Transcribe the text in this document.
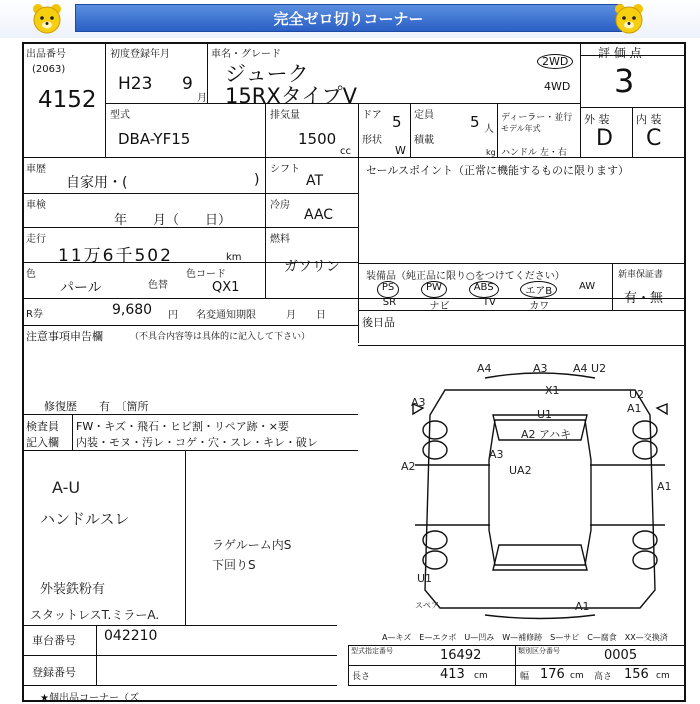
完全ゼロ切りコーナー
出品番号
(2063)
4152
初度登録年月
H23 9
月
車名・グレード
ジューク
15RXタイプV
2WD
4WD
評 価 点
3
型式
DBA-YF15
排気量
1500
cc
ドア 5
形状
W
定員 5 人
積載
kg
ディーラー・並行
モデル年式
ハンドル 左・右
外 装 内 装
D C
車歴
自家用・(	)
シフト
AT
セールスポイント（正常に機能するものに限ります）
車検
年　　月（　　日）
冷房
AAC
走行
11万6千502	km
燃料
ガソリン
色
パール	色替
色コード
QX1
装備品（純正品に限り○をつけてください）
PS	PW	ABS	エアB	AW
SR	ナビ	TV	カワ
新車保証書
有・無
R券	9,680 円 名変通知期限	月　　日
注意事項申告欄	（不具合内容等は具体的に記入して下さい）
修復歴　　有　〔箇所
後日品
検査員
記入欄
FW・キズ・飛石・ヒビ割・リペア跡・×要
内装・モヌ・汚レ・コゲ・穴・スレ・キレ・破レ
A-U
ハンドルスレ
ラゲルーム内S
下回りS
外装鉄粉有
スタットレスT.ミラーA.
A4	A3 A4 U2
A3
X1
U1
U2
A1
A2 アハキ
A3
A2	UA2
A1
U1
A1
スペア
A—キズ　E—エクボ　U—凹み　W—補修跡　S—サビ　C—腐食　XX—交換済
車台番号 042210
登録番号
型式指定番号	16492	類別区分番号	0005
長さ	413 cm	幅 176 cm 高さ 156 cm
★個出品コーナー（ズ
